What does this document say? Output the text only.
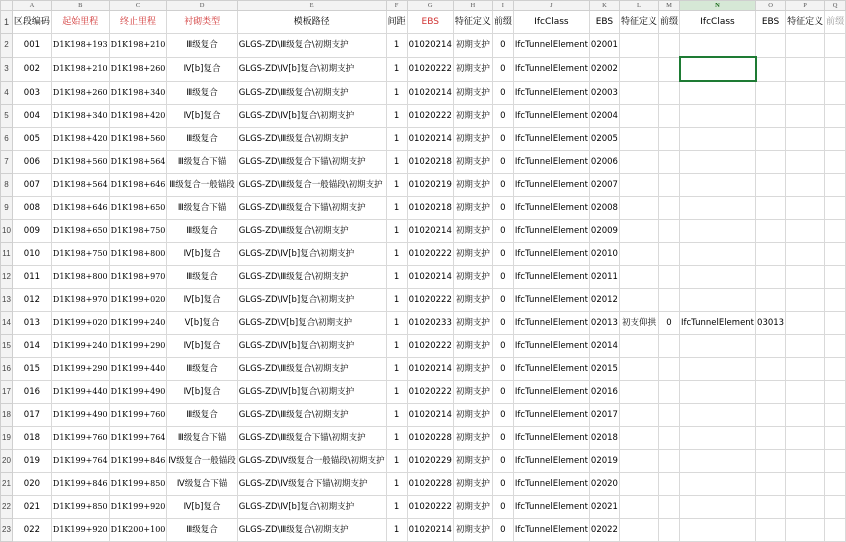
	A	B	C	D	E	F	G	H	I	J	K	L	M	N	O	P	Q
1	区段编码	起始里程	终止里程	衬砌类型	模板路径	间距	EBS	特征定义	前缀	IfcClass	EBS	特征定义	前缀	IfcClass	EBS	特征定义	前缀
2	001	D1K198+193	D1K198+210	Ⅲ级复合	GLGS-ZD\Ⅲ级复合\初期支护	1	01020214	初期支护	0	IfcTunnelElement	02001						
3	002	D1K198+210	D1K198+260	Ⅳ[b]复合	GLGS-ZD\Ⅳ[b]复合\初期支护	1	01020222	初期支护	0	IfcTunnelElement	02002						
4	003	D1K198+260	D1K198+340	Ⅲ级复合	GLGS-ZD\Ⅲ级复合\初期支护	1	01020214	初期支护	0	IfcTunnelElement	02003						
5	004	D1K198+340	D1K198+420	Ⅳ[b]复合	GLGS-ZD\Ⅳ[b]复合\初期支护	1	01020222	初期支护	0	IfcTunnelElement	02004						
6	005	D1K198+420	D1K198+560	Ⅲ级复合	GLGS-ZD\Ⅲ级复合\初期支护	1	01020214	初期支护	0	IfcTunnelElement	02005						
7	006	D1K198+560	D1K198+564	Ⅲ级复合下锚	GLGS-ZD\Ⅲ级复合下锚\初期支护	1	01020218	初期支护	0	IfcTunnelElement	02006						
8	007	D1K198+564	D1K198+646	Ⅲ级复合一般锚段	GLGS-ZD\Ⅲ级复合一般锚段\初期支护	1	01020219	初期支护	0	IfcTunnelElement	02007						
9	008	D1K198+646	D1K198+650	Ⅲ级复合下锚	GLGS-ZD\Ⅲ级复合下锚\初期支护	1	01020218	初期支护	0	IfcTunnelElement	02008						
10	009	D1K198+650	D1K198+750	Ⅲ级复合	GLGS-ZD\Ⅲ级复合\初期支护	1	01020214	初期支护	0	IfcTunnelElement	02009						
11	010	D1K198+750	D1K198+800	Ⅳ[b]复合	GLGS-ZD\Ⅳ[b]复合\初期支护	1	01020222	初期支护	0	IfcTunnelElement	02010						
12	011	D1K198+800	D1K198+970	Ⅲ级复合	GLGS-ZD\Ⅲ级复合\初期支护	1	01020214	初期支护	0	IfcTunnelElement	02011						
13	012	D1K198+970	D1K199+020	Ⅳ[b]复合	GLGS-ZD\Ⅳ[b]复合\初期支护	1	01020222	初期支护	0	IfcTunnelElement	02012						
14	013	D1K199+020	D1K199+240	Ⅴ[b]复合	GLGS-ZD\Ⅴ[b]复合\初期支护	1	01020233	初期支护	0	IfcTunnelElement	02013	初支仰拱	0	IfcTunnelElement	03013		
15	014	D1K199+240	D1K199+290	Ⅳ[b]复合	GLGS-ZD\Ⅳ[b]复合\初期支护	1	01020222	初期支护	0	IfcTunnelElement	02014						
16	015	D1K199+290	D1K199+440	Ⅲ级复合	GLGS-ZD\Ⅲ级复合\初期支护	1	01020214	初期支护	0	IfcTunnelElement	02015						
17	016	D1K199+440	D1K199+490	Ⅳ[b]复合	GLGS-ZD\Ⅳ[b]复合\初期支护	1	01020222	初期支护	0	IfcTunnelElement	02016						
18	017	D1K199+490	D1K199+760	Ⅲ级复合	GLGS-ZD\Ⅲ级复合\初期支护	1	01020214	初期支护	0	IfcTunnelElement	02017						
19	018	D1K199+760	D1K199+764	Ⅲ级复合下锚	GLGS-ZD\Ⅲ级复合下锚\初期支护	1	01020228	初期支护	0	IfcTunnelElement	02018						
20	019	D1K199+764	D1K199+846	Ⅳ级复合一般锚段	GLGS-ZD\Ⅳ级复合一般锚段\初期支护	1	01020229	初期支护	0	IfcTunnelElement	02019						
21	020	D1K199+846	D1K199+850	Ⅳ级复合下锚	GLGS-ZD\Ⅳ级复合下锚\初期支护	1	01020228	初期支护	0	IfcTunnelElement	02020						
22	021	D1K199+850	D1K199+920	Ⅳ[b]复合	GLGS-ZD\Ⅳ[b]复合\初期支护	1	01020222	初期支护	0	IfcTunnelElement	02021						
23	022	D1K199+920	D1K200+100	Ⅲ级复合	GLGS-ZD\Ⅲ级复合\初期支护	1	01020214	初期支护	0	IfcTunnelElement	02022						
